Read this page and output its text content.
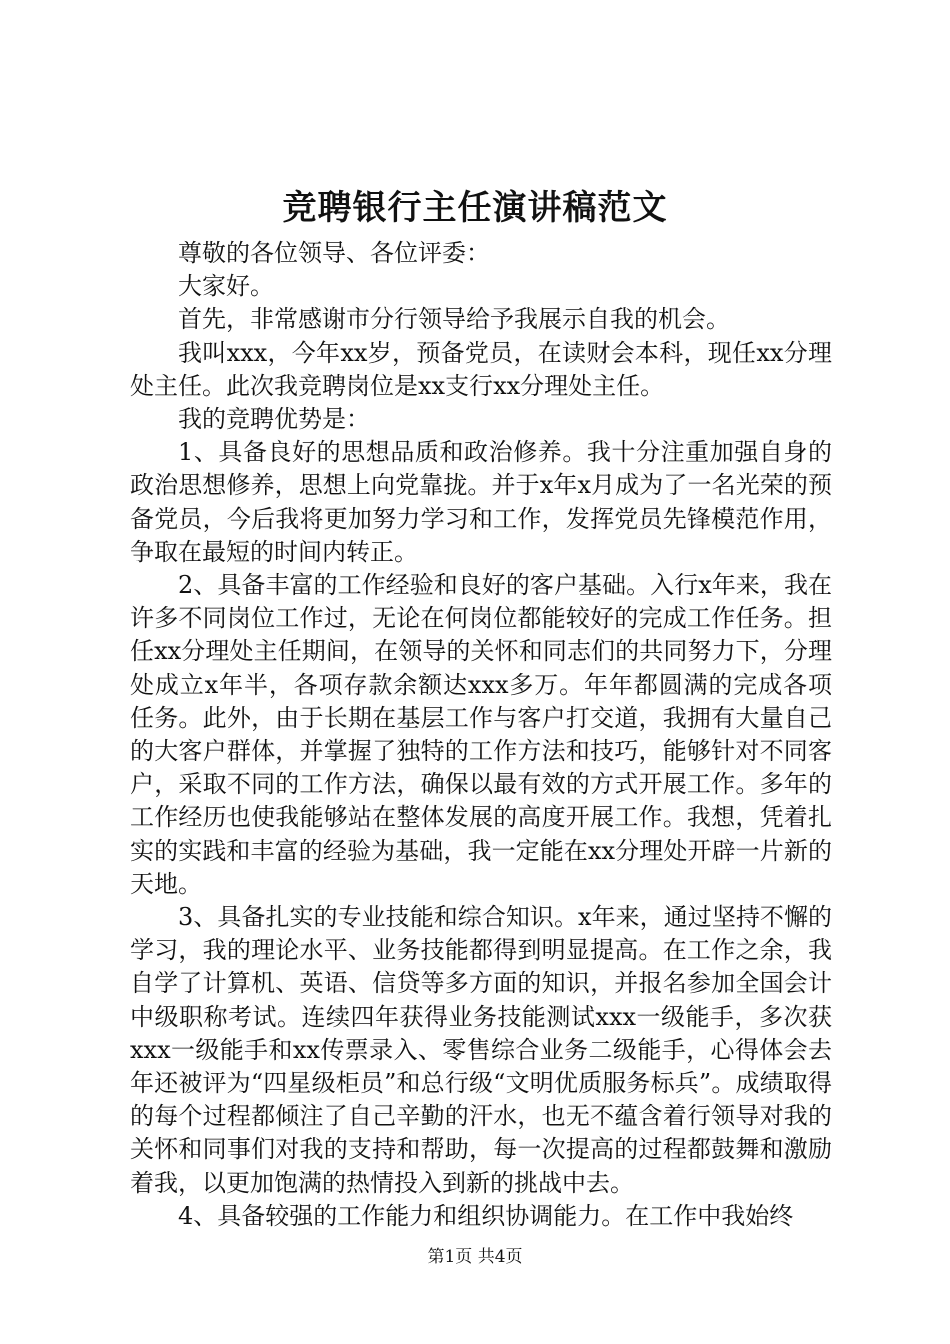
竞聘银行主任演讲稿范文

尊敬的各位领导、各位评委：

大家好。

首先，非常感谢市分行领导给予我展示自我的机会。

我叫xxx，今年xx岁，预备党员，在读财会本科，现任xx分理处主任。此次我竞聘岗位是xx支行xx分理处主任。

我的竞聘优势是：

1、具备良好的思想品质和政治修养。我十分注重加强自身的政治思想修养，思想上向党靠拢。并于x年x月成为了一名光荣的预备党员，今后我将更加努力学习和工作，发挥党员先锋模范作用，争取在最短的时间内转正。

2、具备丰富的工作经验和良好的客户基础。入行x年来，我在许多不同岗位工作过，无论在何岗位都能较好的完成工作任务。担任xx分理处主任期间，在领导的关怀和同志们的共同努力下，分理处成立x年半，各项存款余额达xxx多万。年年都圆满的完成各项任务。此外，由于长期在基层工作与客户打交道，我拥有大量自己的大客户群体，并掌握了独特的工作方法和技巧，能够针对不同客户，采取不同的工作方法，确保以最有效的方式开展工作。多年的工作经历也使我能够站在整体发展的高度开展工作。我想，凭着扎实的实践和丰富的经验为基础，我一定能在xx分理处开辟一片新的天地。

3、具备扎实的专业技能和综合知识。x年来，通过坚持不懈的学习，我的理论水平、业务技能都得到明显提高。在工作之余，我自学了计算机、英语、信贷等多方面的知识，并报名参加全国会计中级职称考试。连续四年获得业务技能测试xxx一级能手，多次获xxx一级能手和xx传票录入、零售综合业务二级能手，心得体会去年还被评为“四星级柜员”和总行级“文明优质服务标兵”。成绩取得的每个过程都倾注了自己辛勤的汗水，也无不蕴含着行领导对我的关怀和同事们对我的支持和帮助，每一次提高的过程都鼓舞和激励着我，以更加饱满的热情投入到新的挑战中去。

4、具备较强的工作能力和组织协调能力。在工作中我始终

第1页 共4页
